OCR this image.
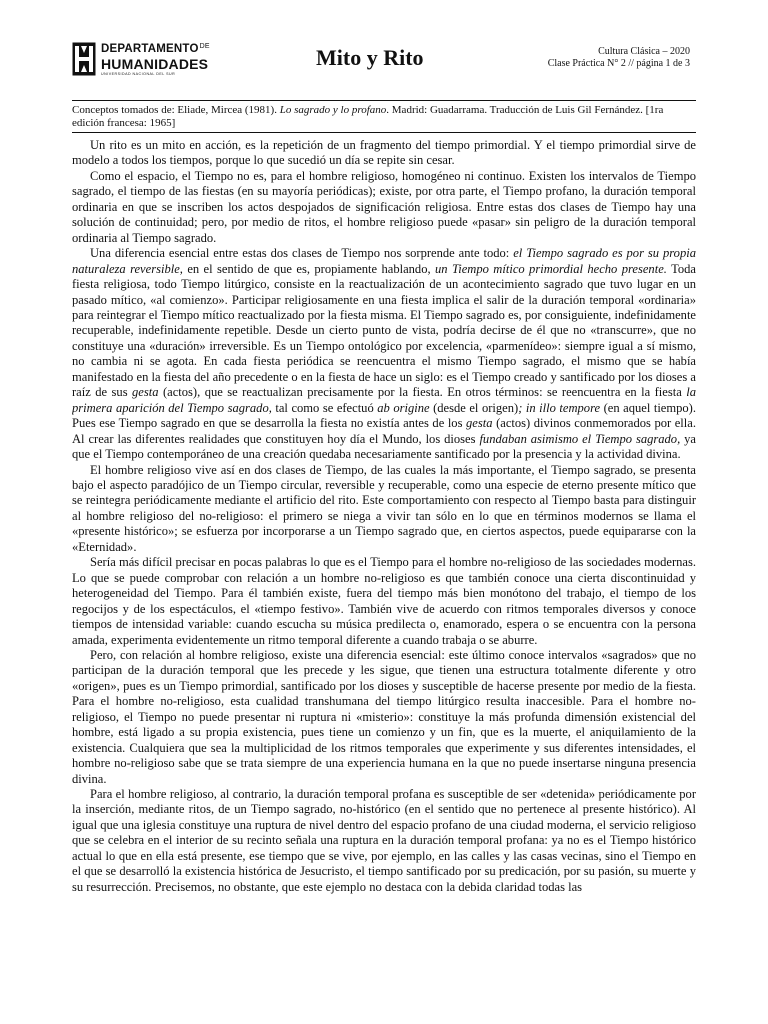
$DEPARTAMENTO^{DE}$
HUMANIDADES
UNIVERSIDAD NACIONAL DEL SUR
Mito y Rito	Cultura Clásica – 2020
Clase Práctica N° 2 // página 1 de 3
Conceptos tomados de: Eliade, Mircea (1981). Lo sagrado y lo profano. Madrid: Guadarrama. Traducción de Luis Gil Fernández. [1ra edición francesa: 1965]

Un rito es un mito en acción, es la repetición de un fragmento del tiempo primordial. Y el tiempo primordial sirve de modelo a todos los tiempos, porque lo que sucedió un día se repite sin cesar.

Como el espacio, el Tiempo no es, para el hombre religioso, homogéneo ni continuo. Existen los intervalos de Tiempo sagrado, el tiempo de las fiestas (en su mayoría periódicas); existe, por otra parte, el Tiempo profano, la duración temporal ordinaria en que se inscriben los actos despojados de significación religiosa. Entre estas dos clases de Tiempo hay una solución de continuidad; pero, por medio de ritos, el hombre religioso puede «pasar» sin peligro de la duración temporal ordinaria al Tiempo sagrado.

Una diferencia esencial entre estas dos clases de Tiempo nos sorprende ante todo: el Tiempo sagrado es por su propia naturaleza reversible, en el sentido de que es, propiamente hablando, un Tiempo mítico primordial hecho presente. Toda fiesta religiosa, todo Tiempo litúrgico, consiste en la reactualización de un acontecimiento sagrado que tuvo lugar en un pasado mítico, «al comienzo». Participar religiosamente en una fiesta implica el salir de la duración temporal «ordinaria» para reintegrar el Tiempo mítico reactualizado por la fiesta misma. El Tiempo sagrado es, por consiguiente, indefinidamente recuperable, indefinidamente repetible. Desde un cierto punto de vista, podría decirse de él que no «transcurre», que no constituye una «duración» irreversible. Es un Tiempo ontológico por excelencia, «parmenídeo»: siempre igual a sí mismo, no cambia ni se agota. En cada fiesta periódica se reencuentra el mismo Tiempo sagrado, el mismo que se había manifestado en la fiesta del año precedente o en la fiesta de hace un siglo: es el Tiempo creado y santificado por los dioses a raíz de sus gesta (actos), que se reactualizan precisamente por la fiesta. En otros términos: se reencuentra en la fiesta la primera aparición del Tiempo sagrado, tal como se efectuó ab origine (desde el origen); in illo tempore (en aquel tiempo). Pues ese Tiempo sagrado en que se desarrolla la fiesta no existía antes de los gesta (actos) divinos conmemorados por ella. Al crear las diferentes realidades que constituyen hoy día el Mundo, los dioses fundaban asimismo el Tiempo sagrado, ya que el Tiempo contemporáneo de una creación quedaba necesariamente santificado por la presencia y la actividad divina.

El hombre religioso vive así en dos clases de Tiempo, de las cuales la más importante, el Tiempo sagrado, se presenta bajo el aspecto paradójico de un Tiempo circular, reversible y recuperable, como una especie de eterno presente mítico que se reintegra periódicamente mediante el artificio del rito. Este comportamiento con respecto al Tiempo basta para distinguir al hombre religioso del no-religioso: el primero se niega a vivir tan sólo en lo que en términos modernos se llama el «presente histórico»; se esfuerza por incorporarse a un Tiempo sagrado que, en ciertos aspectos, puede equipararse con la «Eternidad».

Sería más difícil precisar en pocas palabras lo que es el Tiempo para el hombre no-religioso de las sociedades modernas. Lo que se puede comprobar con relación a un hombre no-religioso es que también conoce una cierta discontinuidad y heterogeneidad del Tiempo. Para él también existe, fuera del tiempo más bien monótono del trabajo, el tiempo de los regocijos y de los espectáculos, el «tiempo festivo». También vive de acuerdo con ritmos temporales diversos y conoce tiempos de intensidad variable: cuando escucha su música predilecta o, enamorado, espera o se encuentra con la persona amada, experimenta evidentemente un ritmo temporal diferente a cuando trabaja o se aburre.

Pero, con relación al hombre religioso, existe una diferencia esencial: este último conoce intervalos «sagrados» que no participan de la duración temporal que les precede y les sigue, que tienen una estructura totalmente diferente y otro «origen», pues es un Tiempo primordial, santificado por los dioses y susceptible de hacerse presente por medio de la fiesta. Para el hombre no-religioso, esta cualidad transhumana del tiempo litúrgico resulta inaccesible. Para el hombre no-religioso, el Tiempo no puede presentar ni ruptura ni «misterio»: constituye la más profunda dimensión existencial del hombre, está ligado a su propia existencia, pues tiene un comienzo y un fin, que es la muerte, el aniquilamiento de la existencia. Cualquiera que sea la multiplicidad de los ritmos temporales que experimente y sus diferentes intensidades, el hombre no-religioso sabe que se trata siempre de una experiencia humana en la que no puede insertarse ninguna presencia divina.

Para el hombre religioso, al contrario, la duración temporal profana es susceptible de ser «detenida» periódicamente por la inserción, mediante ritos, de un Tiempo sagrado, no-histórico (en el sentido que no pertenece al presente histórico). Al igual que una iglesia constituye una ruptura de nivel dentro del espacio profano de una ciudad moderna, el servicio religioso que se celebra en el interior de su recinto señala una ruptura en la duración temporal profana: ya no es el Tiempo histórico actual lo que en ella está presente, ese tiempo que se vive, por ejemplo, en las calles y las casas vecinas, sino el Tiempo en el que se desarrolló la existencia histórica de Jesucristo, el tiempo santificado por su predicación, por su pasión, su muerte y su resurrección. Precisemos, no obstante, que este ejemplo no destaca con la debida claridad todas las
